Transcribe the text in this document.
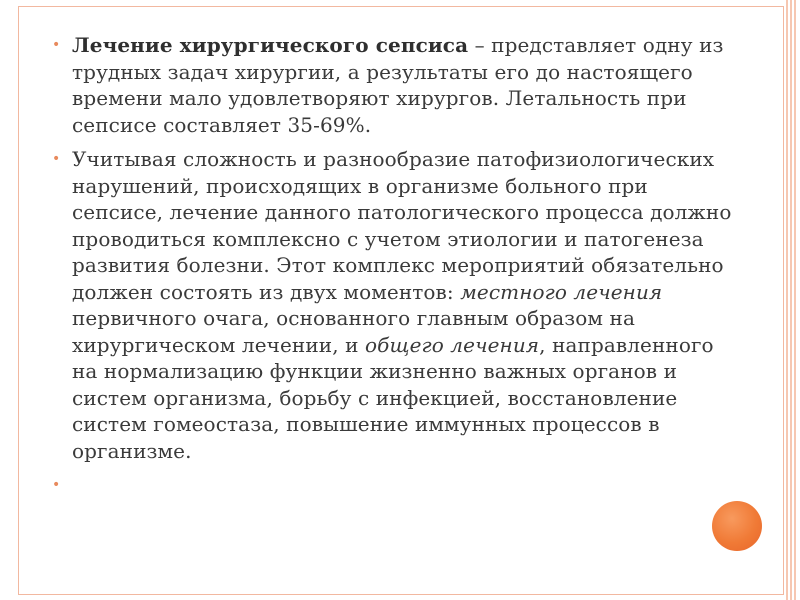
• Лечение хирургического сепсиса – представляет одну из трудных задач хирургии, а результаты его до настоящего времени мало удовлетворяют хирургов. Летальность при сепсисе составляет 35-69%.

• Учитывая сложность и разнообразие патофизиологических нарушений, происходящих в организме больного при сепсисе, лечение данного патологического процесса должно проводиться комплексно с учетом этиологии и патогенеза развития болезни. Этот комплекс мероприятий обязательно должен состоять из двух моментов: местного лечения первичного очага, основанного главным образом на хирургическом лечении, и общего лечения, направленного на нормализацию функции жизненно важных органов и систем организма, борьбу с инфекцией, восстановление систем гомеостаза, повышение иммунных процессов в организме.

•
